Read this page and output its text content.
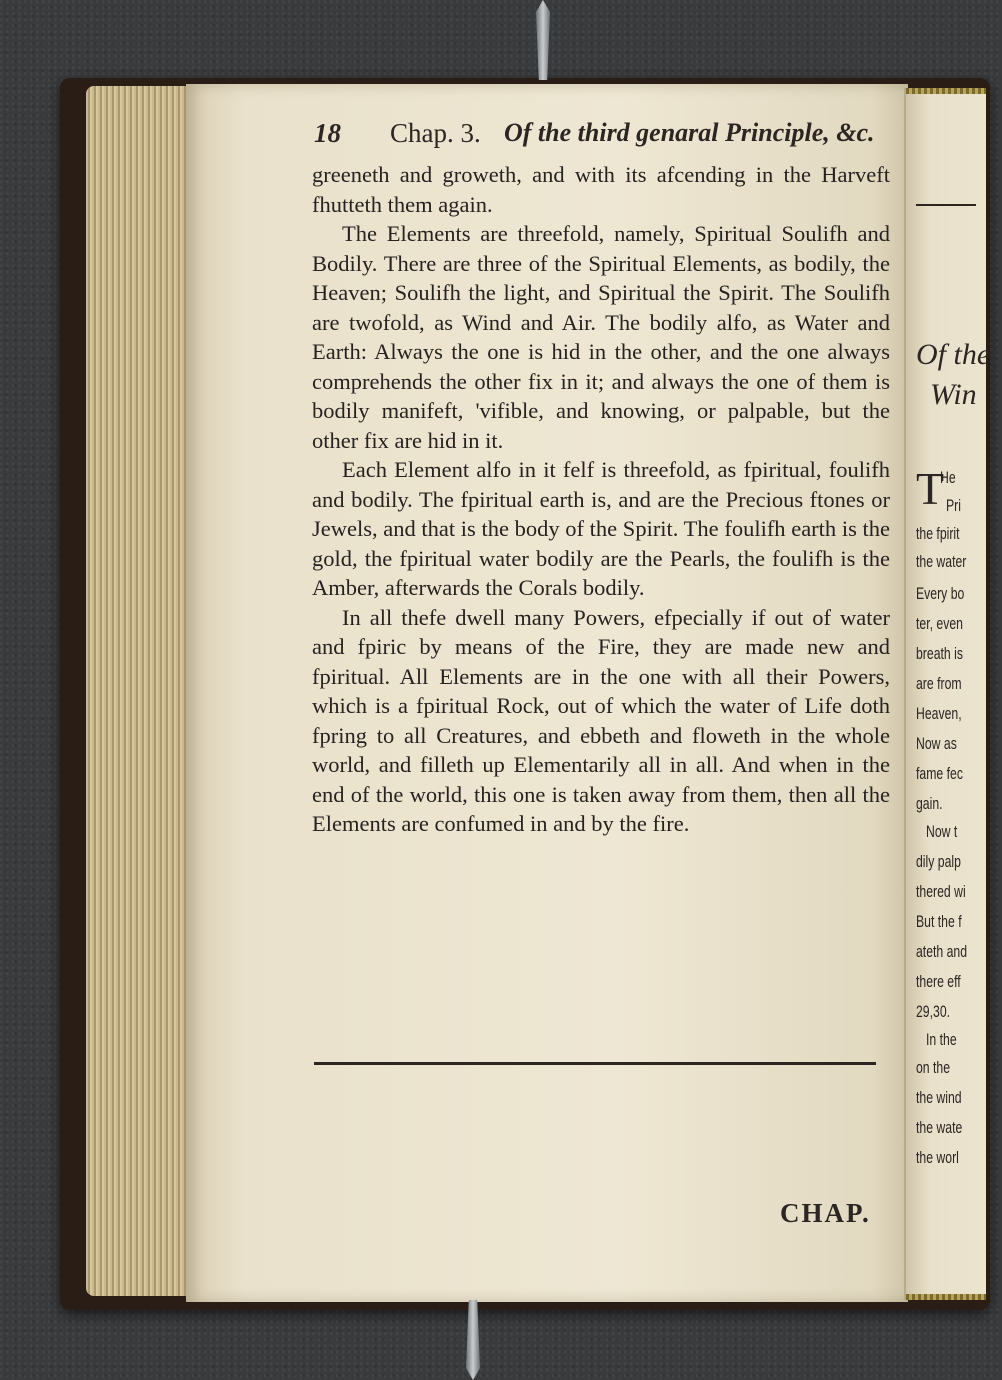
18 Chap. 3. Of the third genaral Principle, &c.

greeneth and groweth, and with its afcending in the Harveft fhutteth them again.

The Elements are threefold, namely, Spiritual Soulifh and Bodily. There are three of the Spiritual Elements, as bodily, the Heaven; Soulifh the light, and Spiritual the Spirit. The Soulifh are twofold, as Wind and Air. The bodily alfo, as Water and Earth: Always the one is hid in the other, and the one always comprehends the other fix in it; and always the one of them is bodily manifeft, 'vifible, and knowing, or palpable, but the other fix are hid in it.

Each Element alfo in it felf is threefold, as fpiritual, foulifh and bodily. The fpiritual earth is, and are the Precious ftones or Jewels, and that is the body of the Spirit. The foulifh earth is the gold, the fpiritual water bodily are the Pearls, the foulifh is the Amber, afterwards the Corals bodily.

In all thefe dwell many Powers, efpecially if out of water and fpiric by means of the Fire, they are made new and fpiritual. All Elements are in the one with all their Powers, which is a fpiritual Rock, out of which the water of Life doth fpring to all Creatures, and ebbeth and floweth in the whole world, and filleth up Elementarily all in all. And when in the end of the world, this one is taken away from them, then all the Elements are confumed in and by the fire.

CHAP.
Of the
Win
T
He
Pri
the fpirit
the water
Every bo
ter, even
breath is
are from
Heaven,
Now as
fame fec
gain.
Now t
dily palp
thered wi
But the f
ateth and
there eff
29,30.
In the
on the
the wind
the wate
the worl
